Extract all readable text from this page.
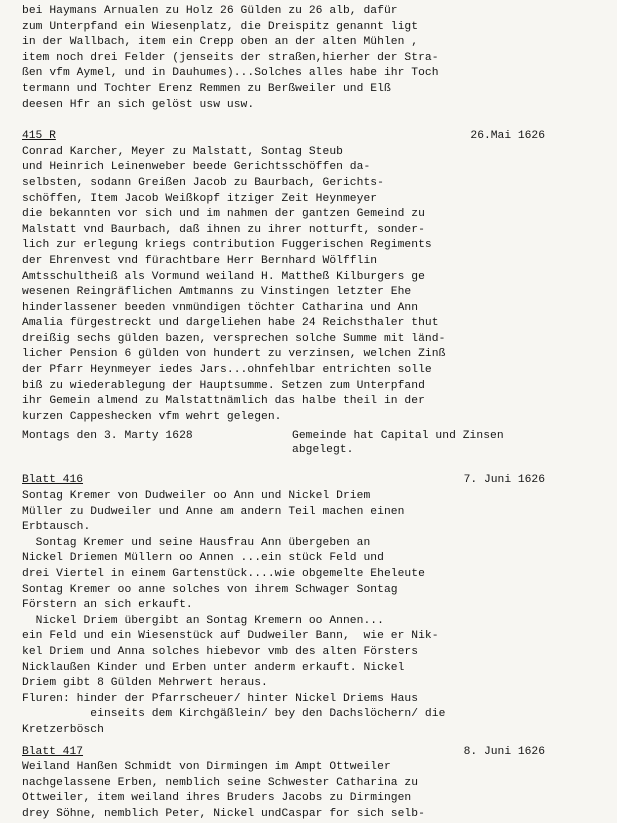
bei Haymans Arnualen zu Holz 26 Gülden zu 26 alb, dafür
zum Unterpfand ein Wiesenplatz, die Dreispitz genannt ligt
in der Wallbach, item ein Crepp oben an der alten Mühlen ,
item noch drei Felder (jenseits der straßen,hierher der Stra-
ßen vfm Aymel, und in Dauhumes)...Solches alles habe ihr Toch
termann und Tochter Erenz Remmen zu Berßweiler und Elß
deesen Hfr an sich gelöst usw usw.
415 R	26.Mai 1626
Conrad Karcher, Meyer zu Malstatt, Sontag Steub
und Heinrich Leinenweber beede Gerichtsschöffen da-
selbsten, sodann Greißen Jacob zu Baurbach, Gerichts-
schöffen, Item Jacob Weißkopf itziger Zeit Heynmeyer
die bekannten vor sich und im nahmen der gantzen Gemeind zu
Malstatt vnd Baurbach, daß ihnen zu ihrer notturft, sonder-
lich zur erlegung kriegs contribution Fuggerischen Regiments
der Ehrenvest vnd fürachtbare Herr Bernhard Wölfflin
Amtsschultheiß als Vormund weiland H. Mattheß Kilburgers ge
wesenen Reingräflichen Amtmanns zu Vinstingen letzter Ehe
hinderlassener beeden vnmündigen töchter Catharina und Ann
Amalia fürgestreckt und dargeliehen habe 24 Reichsthaler thut
dreißig sechs gülden bazen, versprechen solche Summe mit länd-
licher Pension 6 gülden von hundert zu verzinsen, welchen Zinß
der Pfarr Heynmeyer iedes Jars...ohnfehlbar entrichten solle
biß zu wiederablegung der Hauptsumme. Setzen zum Unterpfand
ihr Gemein almend zu Malstattnämlich das halbe theil in der
kurzen Cappeshecken vfm wehrt gelegen.
Montags den 3. Marty 1628	Gemeinde hat Capital und Zinsen
abgelegt.
Blatt 416	7. Juni 1626
Sontag Kremer von Dudweiler oo Ann und Nickel Driem
Müller zu Dudweiler und Anne am andern Teil machen einen
Erbtausch.
Sontag Kremer und seine Hausfrau Ann übergeben an
Nickel Driemen Müllern oo Annen ...ein stück Feld und
drei Viertel in einem Gartenstück....wie obgemelte Eheleute
Sontag Kremer oo anne solches von ihrem Schwager Sontag
Förstern an sich erkauft.
Nickel Driem übergibt an Sontag Kremern oo Annen...
ein Feld und ein Wiesenstück auf Dudweiler Bann,  wie er Nik-
kel Driem und Anna solches hiebevor vmb des alten Försters
Nicklaußen Kinder und Erben unter anderm erkauft. Nickel
Driem gibt 8 Gülden Mehrwert heraus.
Fluren: hinder der Pfarrscheuer/ hinter Nickel Driems Haus
einseits dem Kirchgäßlein/ bey den Dachslöchern/ die
Kretzerbösch
Blatt 417	8. Juni 1626
Weiland Hanßen Schmidt von Dirmingen im Ampt Ottweiler
nachgelassene Erben, nemblich seine Schwester Catharina zu
Ottweiler, item weiland ihres Bruders Jacobs zu Dirmingen
drey Söhne, nemblich Peter, Nickel undCaspar for sich selb-
